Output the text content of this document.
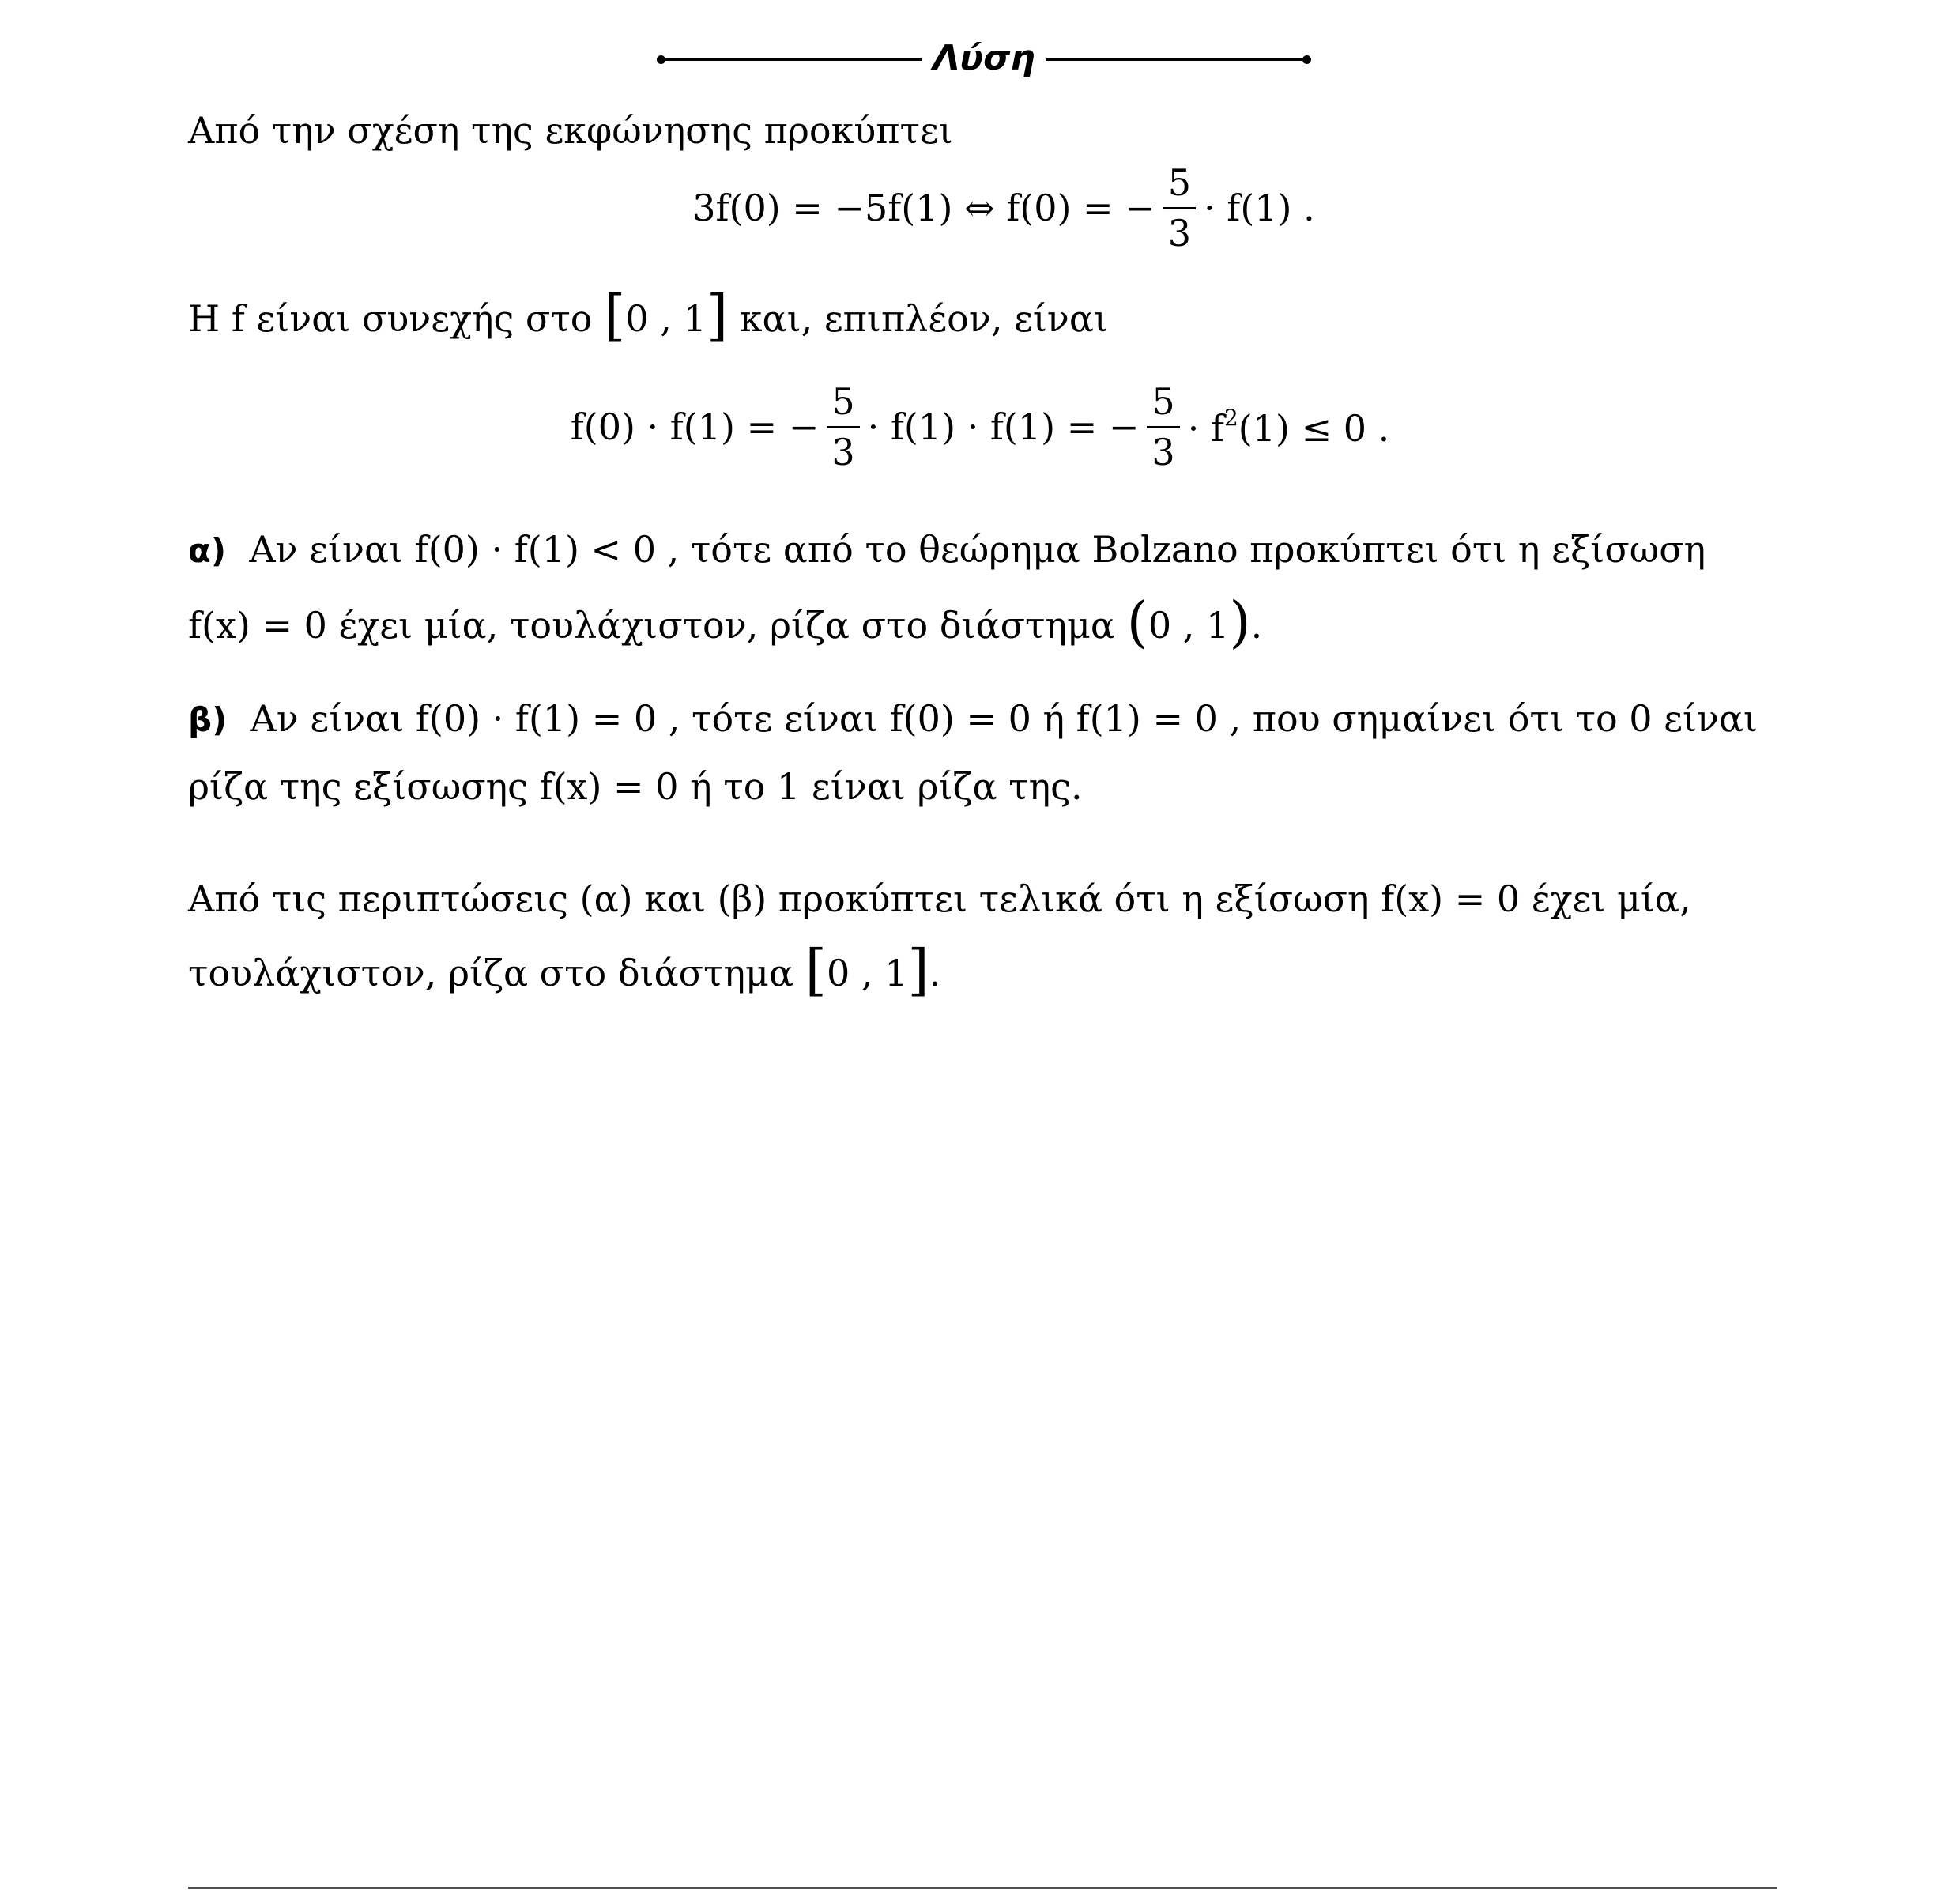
Λύση
Από την σχέση της εκφώνησης προκύπτει
3f(0) = −5f(1) ⇔ f(0) = − $\frac{5}{3} \cdot f(1)$ .
H f είναι συνεχής στο [0 , 1] και, επιπλέον, είναι
f(0) · f(1) = − $\frac{5}{3} \cdot f(1) \cdot f(1)$ = − $\frac{5}{3} \cdot f^2(1) \le 0$ .
α) Αν είναι f(0) · f(1) < 0 , τότε από το θεώρημα Bolzano προκύπτει ότι η εξίσωση
f(x) = 0 έχει μία, τουλάχιστον, ρίζα στο διάστημα (0 , 1).
β) Αν είναι f(0) · f(1) = 0 , τότε είναι f(0) = 0 ή f(1) = 0 , που σημαίνει ότι το 0 είναι
ρίζα της εξίσωσης f(x) = 0 ή το 1 είναι ρίζα της.
Από τις περιπτώσεις (α) και (β) προκύπτει τελικά ότι η εξίσωση f(x) = 0 έχει μία,
τουλάχιστον, ρίζα στο διάστημα [0 , 1].
